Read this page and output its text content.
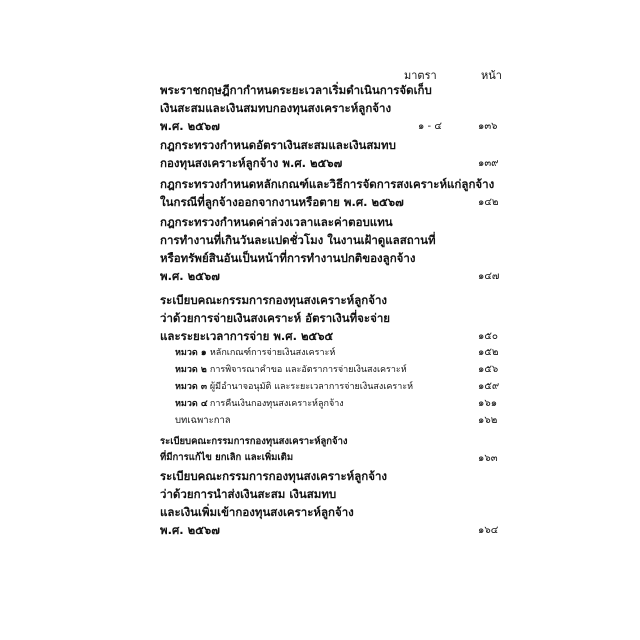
มาตรา	หน้า
พระราชกฤษฎีกากำหนดระยะเวลาเริ่มดำเนินการจัดเก็บ
เงินสะสมและเงินสมทบกองทุนสงเคราะห์ลูกจ้าง
พ.ศ. ๒๕๖๗	๑ - ๔	๑๓๖
กฎกระทรวงกำหนดอัตราเงินสะสมและเงินสมทบ
กองทุนสงเคราะห์ลูกจ้าง พ.ศ. ๒๕๖๗	๑๓๙
กฎกระทรวงกำหนดหลักเกณฑ์และวิธีการจัดการสงเคราะห์แก่ลูกจ้าง
ในกรณีที่ลูกจ้างออกจากงานหรือตาย พ.ศ. ๒๕๖๗	๑๔๒
กฎกระทรวงกำหนดค่าล่วงเวลาและค่าตอบแทน
การทำงานที่เกินวันละแปดชั่วโมง ในงานเฝ้าดูแลสถานที่
หรือทรัพย์สินอันเป็นหน้าที่การทำงานปกติของลูกจ้าง
พ.ศ. ๒๕๖๗	๑๔๗
ระเบียบคณะกรรมการกองทุนสงเคราะห์ลูกจ้าง
ว่าด้วยการจ่ายเงินสงเคราะห์ อัตราเงินที่จะจ่าย
และระยะเวลาการจ่าย พ.ศ. ๒๕๖๕	๑๕๐
หมวด ๑ หลักเกณฑ์การจ่ายเงินสงเคราะห์	๑๕๒
หมวด ๒ การพิจารณาคำขอ และอัตราการจ่ายเงินสงเคราะห์	๑๕๖
หมวด ๓ ผู้มีอำนาจอนุมัติ และระยะเวลาการจ่ายเงินสงเคราะห์	๑๕๙
หมวด ๔ การคืนเงินกองทุนสงเคราะห์ลูกจ้าง	๑๖๑
บทเฉพาะกาล	๑๖๒
ระเบียบคณะกรรมการกองทุนสงเคราะห์ลูกจ้าง
ที่มีการแก้ไข ยกเลิก และเพิ่มเติม	๑๖๓
ระเบียบคณะกรรมการกองทุนสงเคราะห์ลูกจ้าง
ว่าด้วยการนำส่งเงินสะสม เงินสมทบ
และเงินเพิ่มเข้ากองทุนสงเคราะห์ลูกจ้าง
พ.ศ. ๒๕๖๗	๑๖๔
